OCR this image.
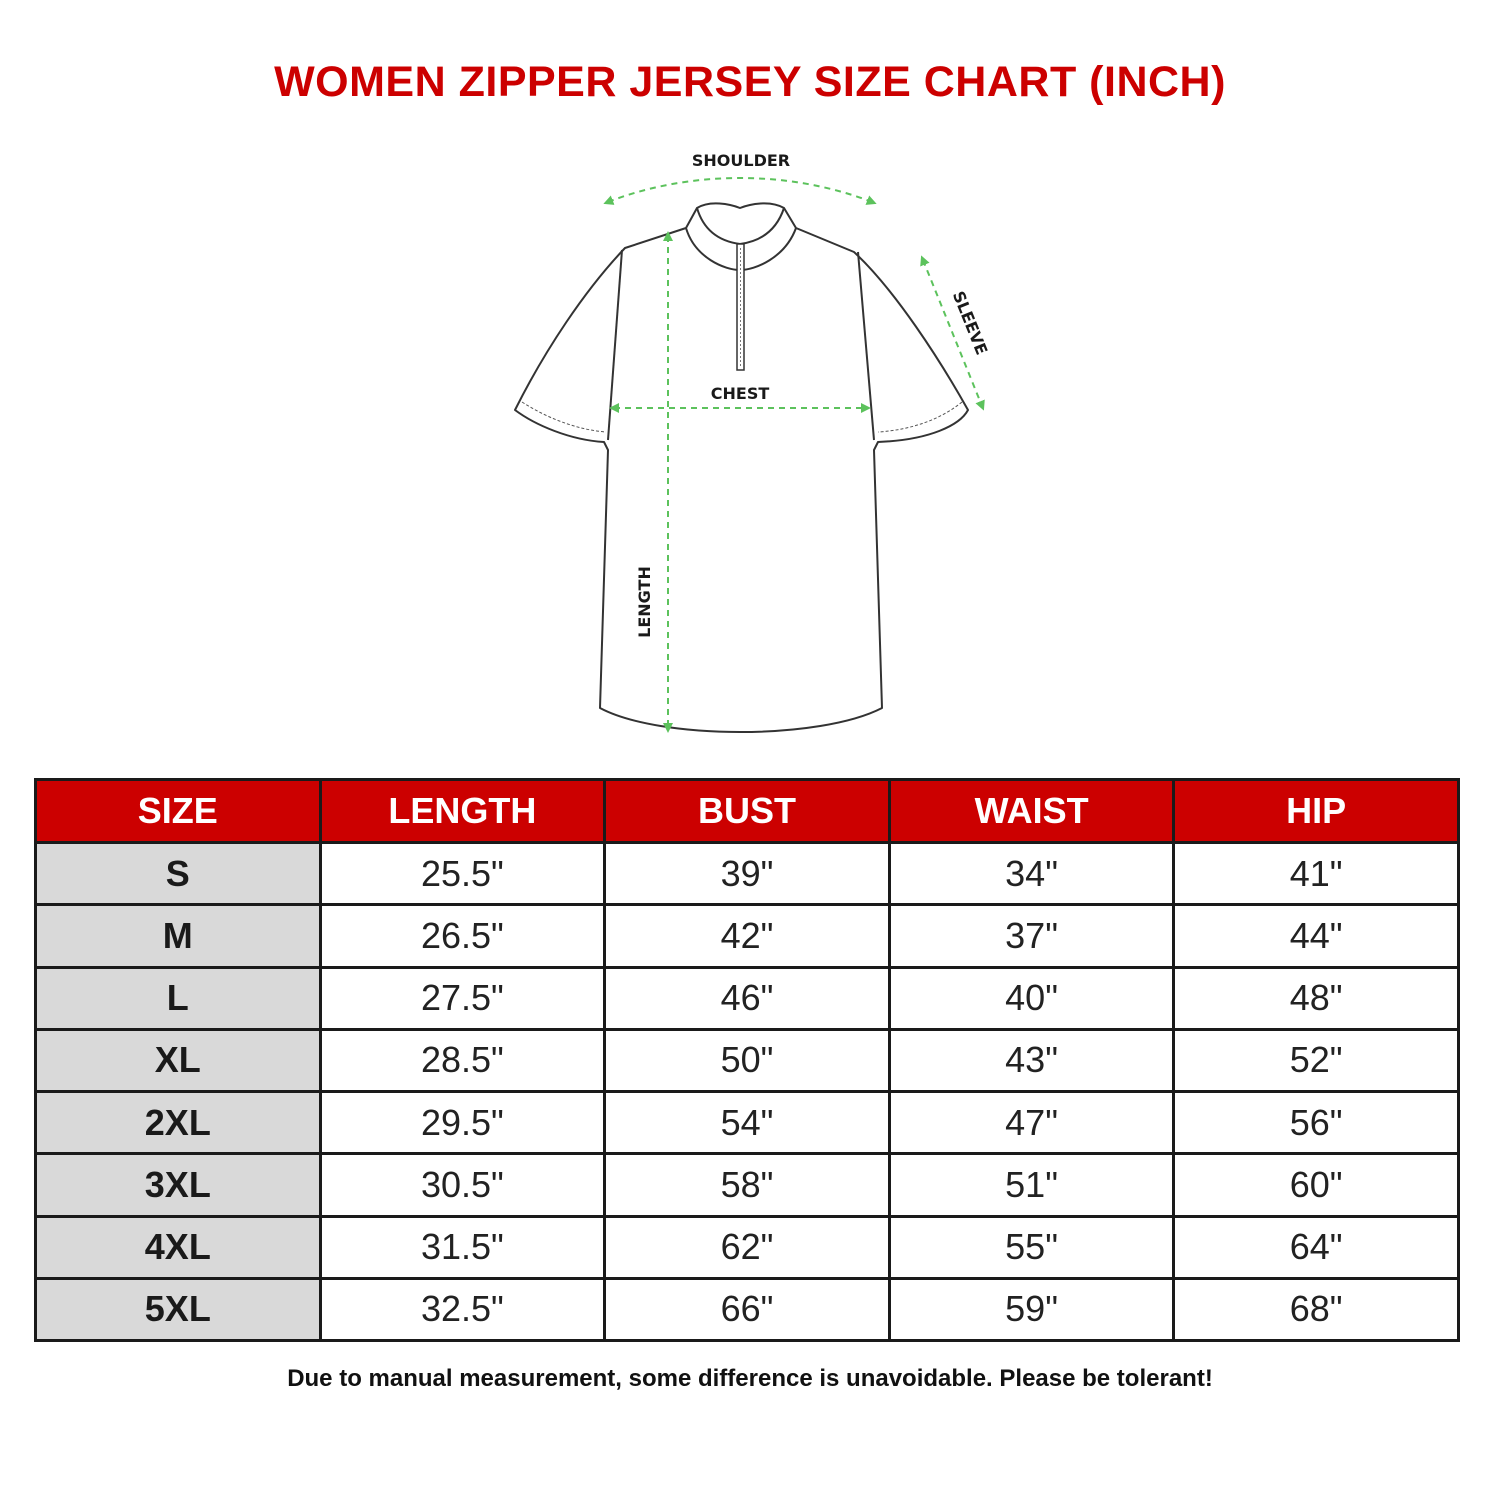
WOMEN ZIPPER JERSEY SIZE CHART (INCH)
SHOULDER
CHEST
SLEEVE
LENGTH
SIZE	LENGTH	BUST	WAIST	HIP
S	25.5"	39"	34"	41"
M	26.5"	42"	37"	44"
L	27.5"	46"	40"	48"
XL	28.5"	50"	43"	52"
2XL	29.5"	54"	47"	56"
3XL	30.5"	58"	51"	60"
4XL	31.5"	62"	55"	64"
5XL	32.5"	66"	59"	68"
Due to manual measurement, some difference is unavoidable. Please be tolerant!
